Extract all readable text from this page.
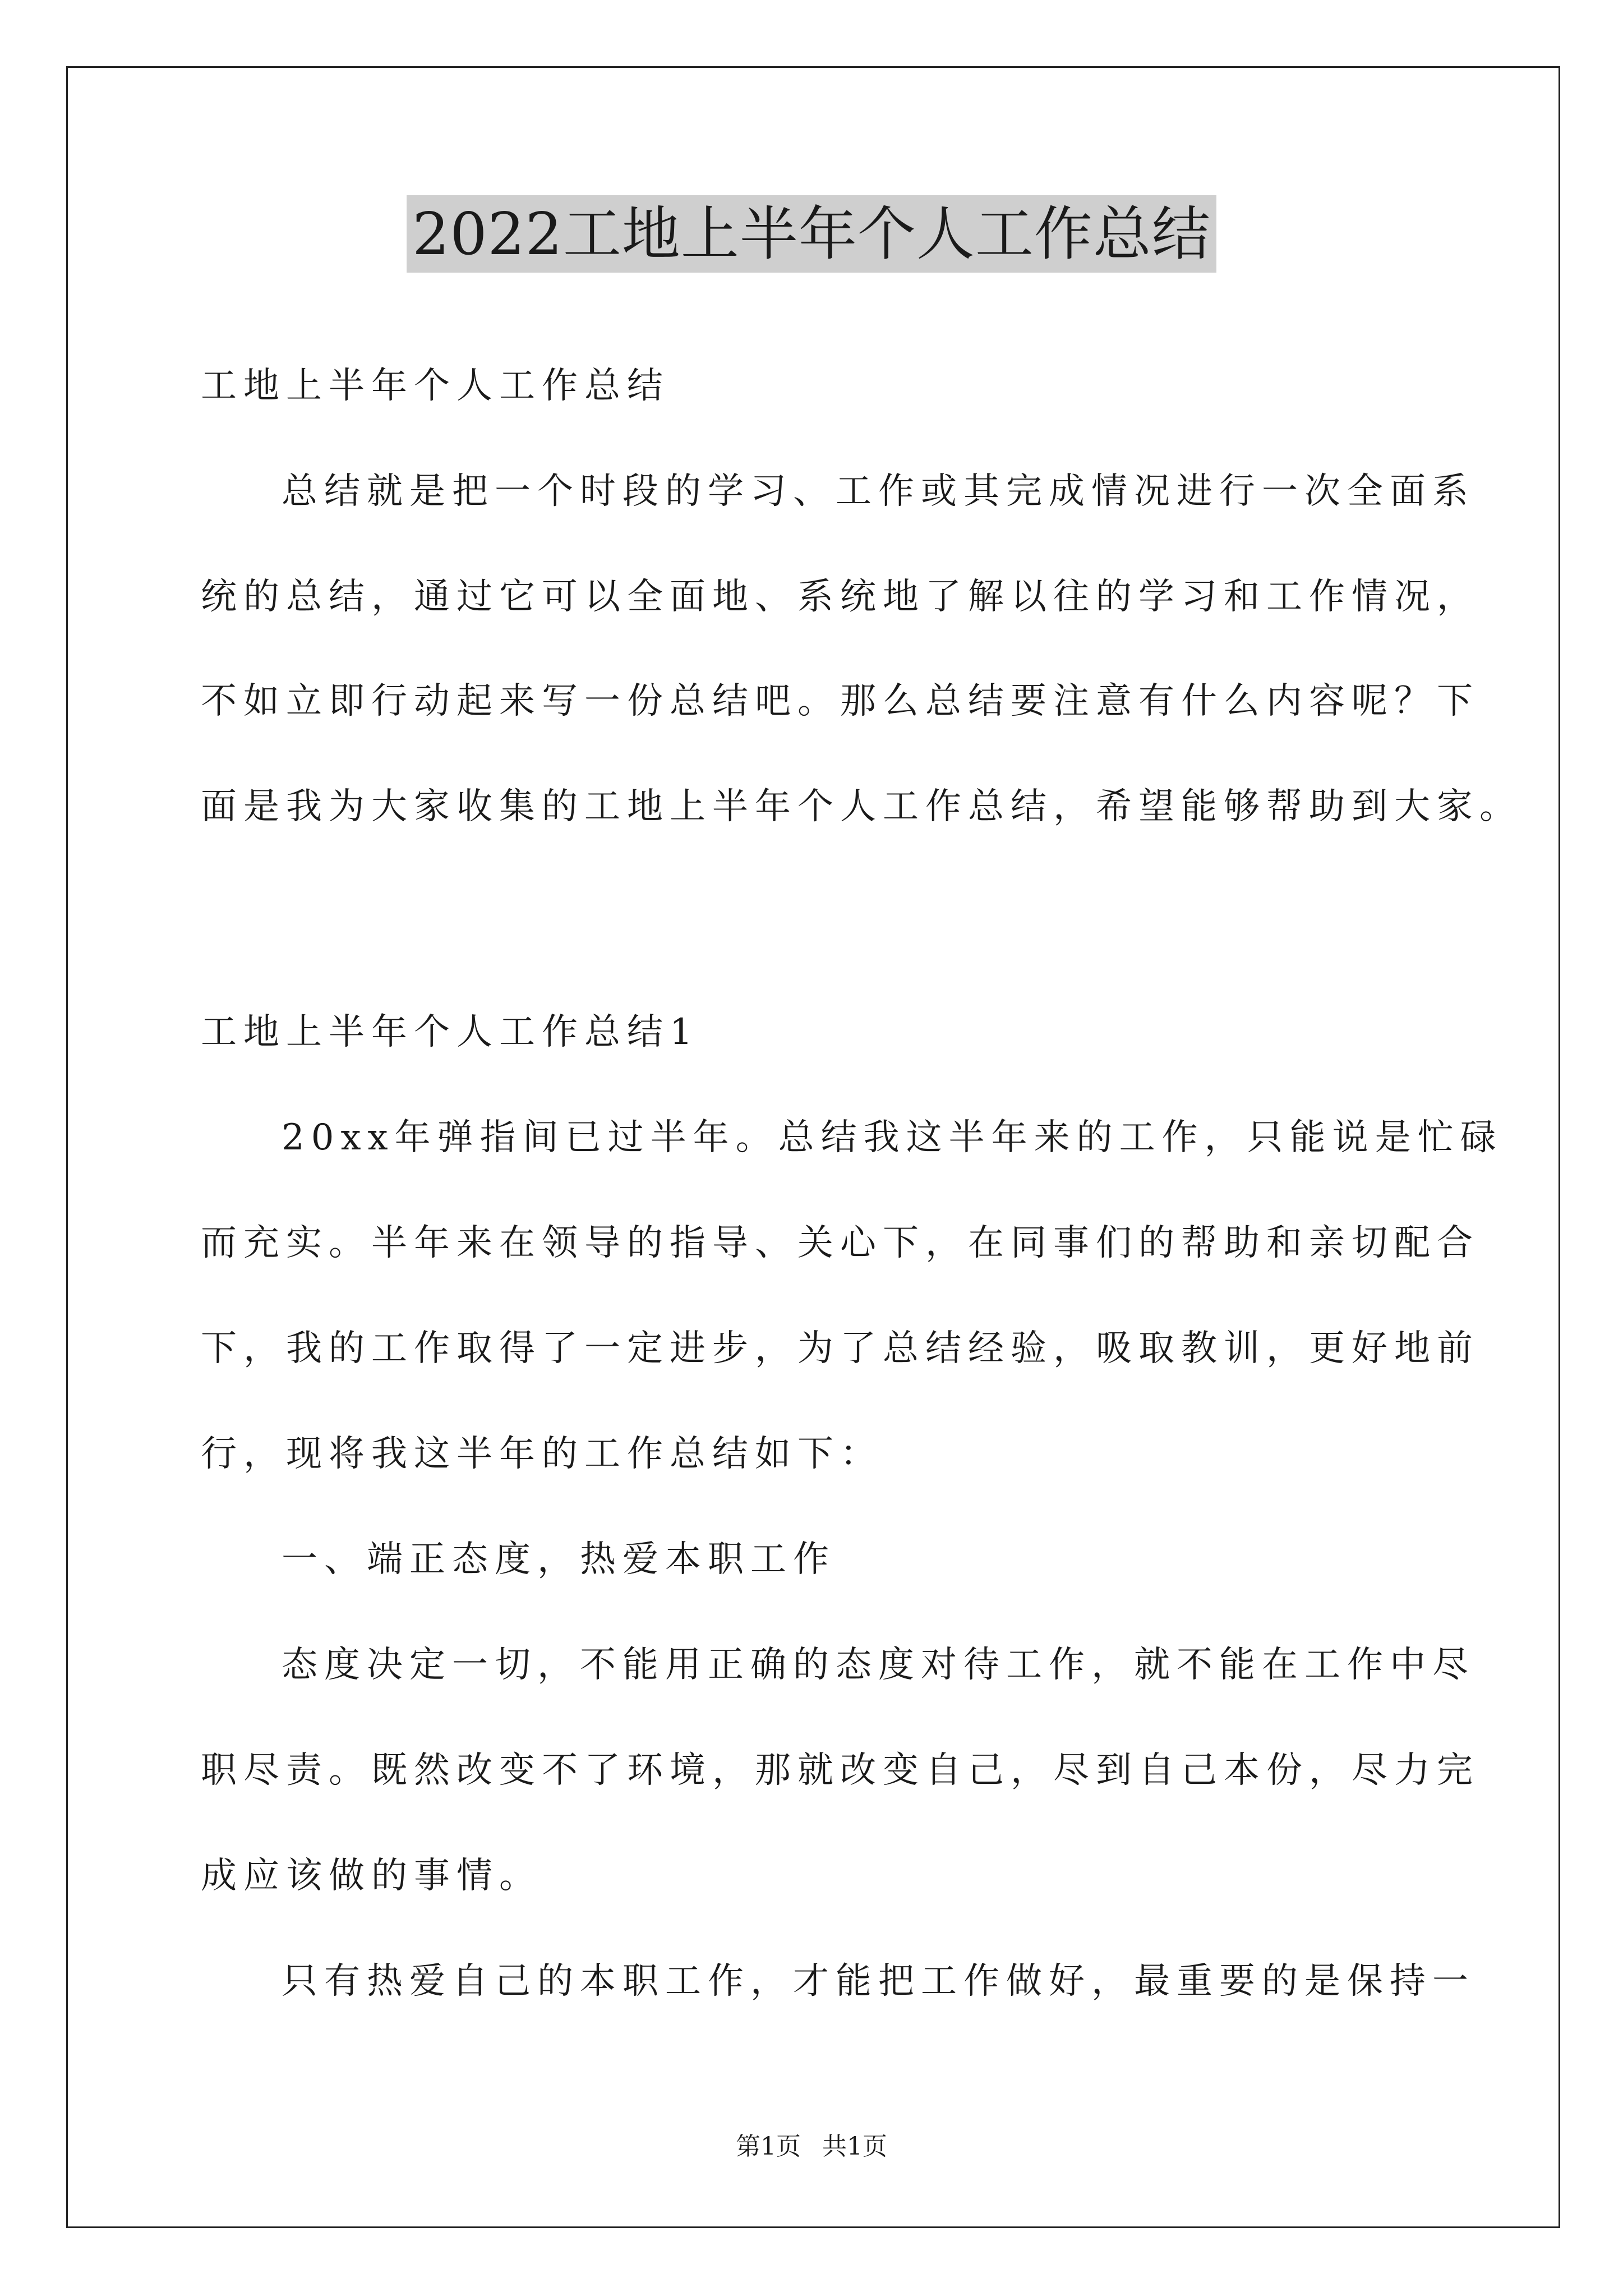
2022工地上半年个人工作总结
工地上半年个人工作总结
总结就是把一个时段的学习、工作或其完成情况进行一次全面系
统的总结，通过它可以全面地、系统地了解以往的学习和工作情况，
不如立即行动起来写一份总结吧。那么总结要注意有什么内容呢？下
面是我为大家收集的工地上半年个人工作总结，希望能够帮助到大家。
工地上半年个人工作总结1
20xx年弹指间已过半年。总结我这半年来的工作，只能说是忙碌
而充实。半年来在领导的指导、关心下，在同事们的帮助和亲切配合
下，我的工作取得了一定进步，为了总结经验，吸取教训，更好地前
行，现将我这半年的工作总结如下：
一、端正态度，热爱本职工作
态度决定一切，不能用正确的态度对待工作，就不能在工作中尽
职尽责。既然改变不了环境，那就改变自己，尽到自己本份，尽力完
成应该做的事情。
只有热爱自己的本职工作，才能把工作做好，最重要的是保持一
第1页 共1页
